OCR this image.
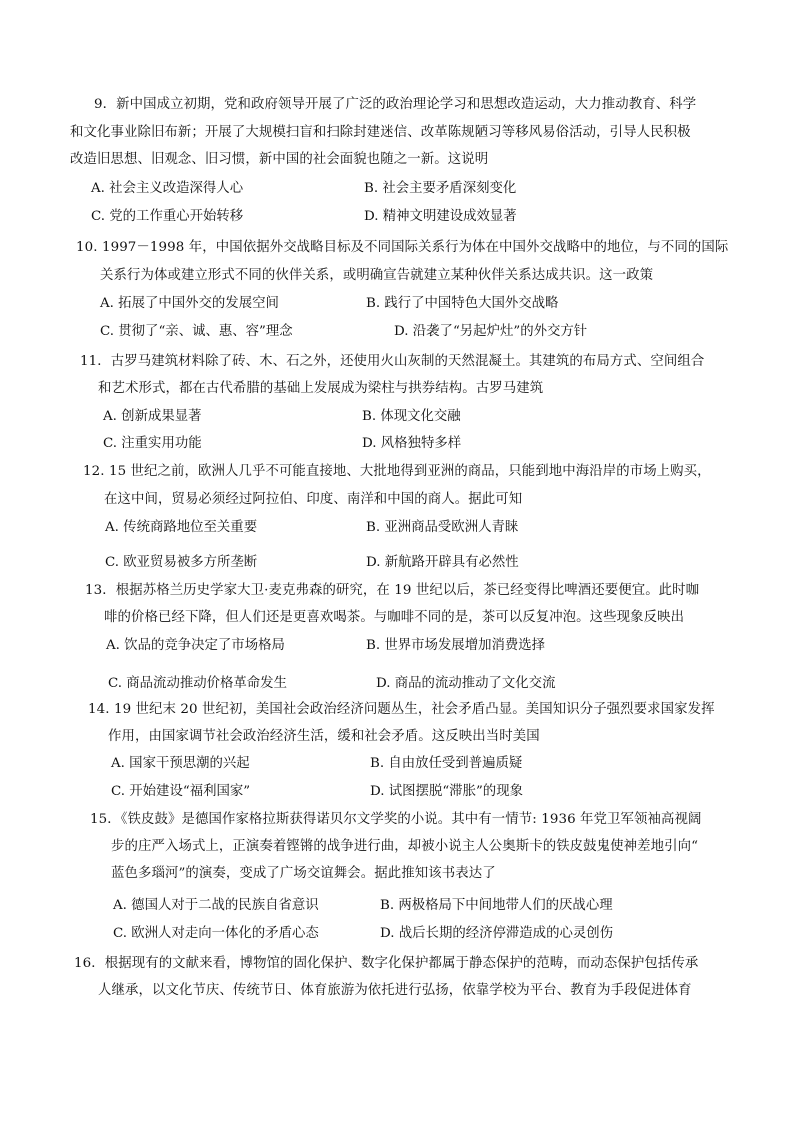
9．新中国成立初期，党和政府领导开展了广泛的政治理论学习和思想改造运动，大力推动教育、科学
和文化事业除旧布新；开展了大规模扫盲和扫除封建迷信、改革陈规陋习等移风易俗活动，引导人民积极
改造旧思想、旧观念、旧习惯，新中国的社会面貌也随之一新。这说明
A. 社会主义改造深得人心	B. 社会主要矛盾深刻变化
C. 党的工作重心开始转移	D. 精神文明建设成效显著
10. 1997－1998 年，中国依据外交战略目标及不同国际关系行为体在中国外交战略中的地位，与不同的国际
关系行为体或建立形式不同的伙伴关系，或明确宣告就建立某种伙伴关系达成共识。这一政策
A. 拓展了中国外交的发展空间	B. 践行了中国特色大国外交战略
C. 贯彻了“亲、诚、惠、容”理念	D. 沿袭了“另起炉灶”的外交方针
11．古罗马建筑材料除了砖、木、石之外，还使用火山灰制的天然混凝土。其建筑的布局方式、空间组合
和艺术形式，都在古代希腊的基础上发展成为梁柱与拱券结构。古罗马建筑
A. 创新成果显著	B. 体现文化交融
C. 注重实用功能	D. 风格独特多样
12. 15 世纪之前，欧洲人几乎不可能直接地、大批地得到亚洲的商品，只能到地中海沿岸的市场上购买，
在这中间，贸易必须经过阿拉伯、印度、南洋和中国的商人。据此可知
A. 传统商路地位至关重要	B. 亚洲商品受欧洲人青睐
C. 欧亚贸易被多方所垄断	D. 新航路开辟具有必然性
13．根据苏格兰历史学家大卫·麦克弗森的研究，在 19 世纪以后，茶已经变得比啤酒还要便宜。此时咖
啡的价格已经下降，但人们还是更喜欢喝茶。与咖啡不同的是，茶可以反复冲泡。这些现象反映出
A. 饮品的竞争决定了市场格局	B. 世界市场发展增加消费选择
C. 商品流动推动价格革命发生	D. 商品的流动推动了文化交流
14. 19 世纪末 20 世纪初，美国社会政治经济问题丛生，社会矛盾凸显。美国知识分子强烈要求国家发挥
作用，由国家调节社会政治经济生活，缓和社会矛盾。这反映出当时美国
A. 国家干预思潮的兴起	B. 自由放任受到普遍质疑
C. 开始建设“福利国家”	D. 试图摆脱“滞胀”的现象
15．《铁皮鼓》是德国作家格拉斯获得诺贝尔文学奖的小说。其中有一情节: 1936 年党卫军领袖高视阔
步的庄严入场式上，正演奏着铿锵的战争进行曲，却被小说主人公奥斯卡的铁皮鼓鬼使神差地引向“
蓝色多瑙河”的演奏，变成了广场交谊舞会。据此推知该书表达了
A. 德国人对于二战的民族自省意识	B. 两极格局下中间地带人们的厌战心理
C. 欧洲人对走向一体化的矛盾心态	D. 战后长期的经济停滞造成的心灵创伤
16．根据现有的文献来看，博物馆的固化保护、数字化保护都属于静态保护的范畴，而动态保护包括传承
人继承，以文化节庆、传统节日、体育旅游为依托进行弘扬，依靠学校为平台、教育为手段促进体育
